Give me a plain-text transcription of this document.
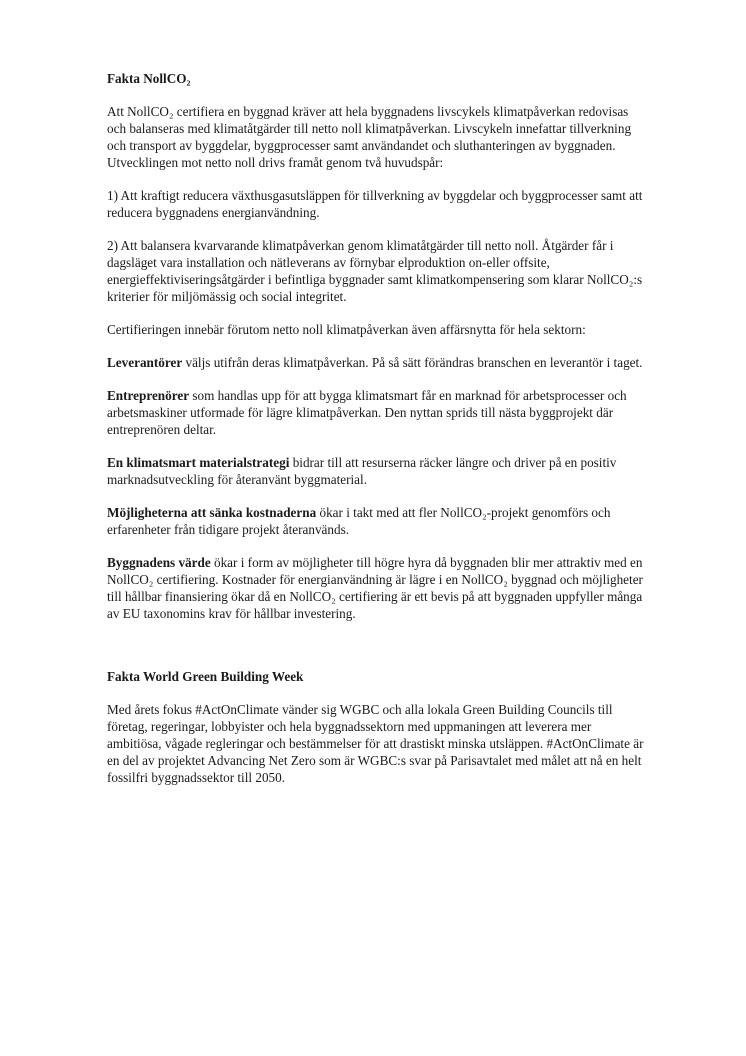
Fakta NollCO₂

Att NollCO₂ certifiera en byggnad kräver att hela byggnadens livscykels klimatpåverkan redovisas och balanseras med klimatåtgärder till netto noll klimatpåverkan. Livscykeln innefattar tillverkning och transport av byggdelar, byggprocesser samt användandet och sluthanteringen av byggnaden. Utvecklingen mot netto noll drivs framåt genom två huvudspår:

1) Att kraftigt reducera växthusgasutsläppen för tillverkning av byggdelar och byggprocesser samt att reducera byggnadens energianvändning.

2) Att balansera kvarvarande klimatpåverkan genom klimatåtgärder till netto noll. Åtgärder får i dagsläget vara installation och nätleverans av förnybar elproduktion on-eller offsite, energieffektiviseringsåtgärder i befintliga byggnader samt klimatkompensering som klarar NollCO₂:s kriterier för miljömässig och social integritet.

Certifieringen innebär förutom netto noll klimatpåverkan även affärsnytta för hela sektorn:

Leverantörer väljs utifrån deras klimatpåverkan. På så sätt förändras branschen en leverantör i taget.

Entreprenörer som handlas upp för att bygga klimatsmart får en marknad för arbetsprocesser och arbetsmaskiner utformade för lägre klimatpåverkan. Den nyttan sprids till nästa byggprojekt där entreprenören deltar.

En klimatsmart materialstrategi bidrar till att resurserna räcker längre och driver på en positiv marknadsutveckling för återanvänt byggmaterial.

Möjligheterna att sänka kostnaderna ökar i takt med att fler NollCO₂-projekt genomförs och erfarenheter från tidigare projekt återanvänds.

Byggnadens värde ökar i form av möjligheter till högre hyra då byggnaden blir mer attraktiv med en NollCO₂ certifiering. Kostnader för energianvändning är lägre i en NollCO₂ byggnad och möjligheter till hållbar finansiering ökar då en NollCO₂ certifiering är ett bevis på att byggnaden uppfyller många av EU taxonomins krav för hållbar investering.

Fakta World Green Building Week

Med årets fokus #ActOnClimate vänder sig WGBC och alla lokala Green Building Councils till företag, regeringar, lobbyister och hela byggnadssektorn med uppmaningen att leverera mer ambitiösa, vågade regleringar och bestämmelser för att drastiskt minska utsläppen. #ActOnClimate är en del av projektet Advancing Net Zero som är WGBC:s svar på Parisavtalet med målet att nå en helt fossilfri byggnadssektor till 2050.
